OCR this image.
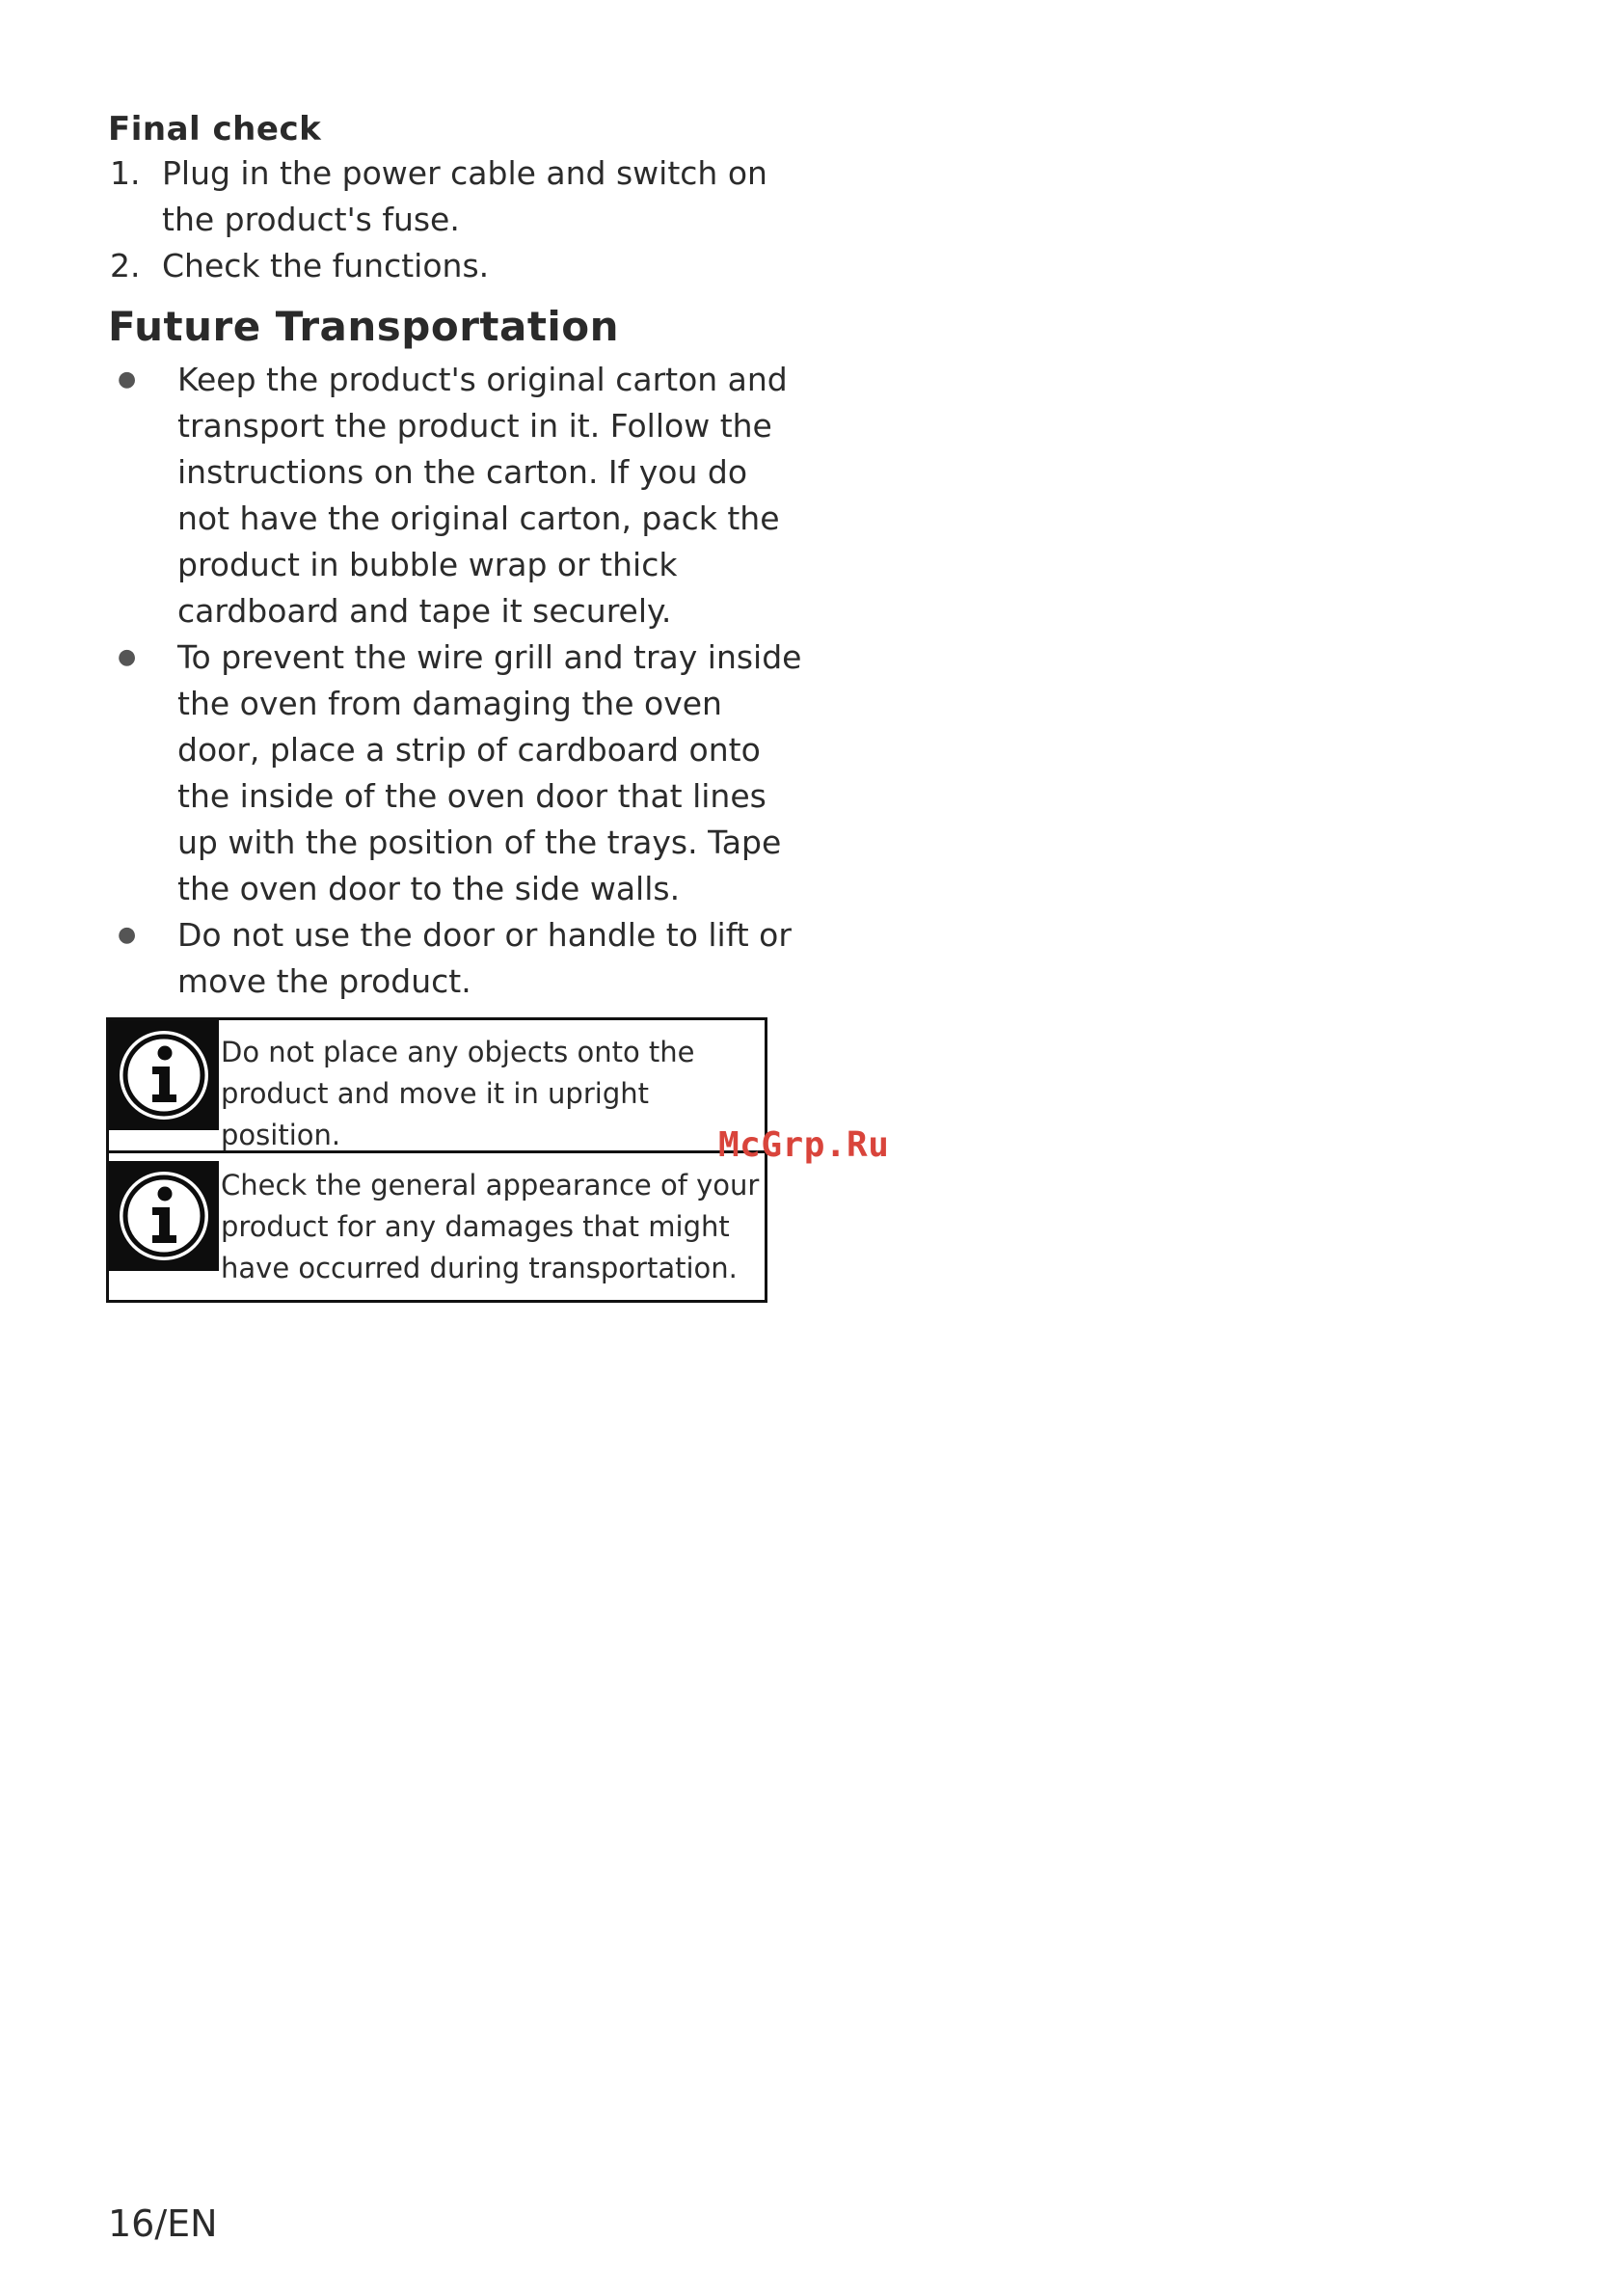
Final check
1. Plug in the power cable and switch on the product's fuse.
2. Check the functions.
Future Transportation
● Keep the product's original carton and transport the product in it. Follow the instructions on the carton. If you do not have the original carton, pack the product in bubble wrap or thick cardboard and tape it securely.
● To prevent the wire grill and tray inside the oven from damaging the oven door, place a strip of cardboard onto the inside of the oven door that lines up with the position of the trays. Tape the oven door to the side walls.
● Do not use the door or handle to lift or move the product.
Do not place any objects onto the product and move it in upright position.
Check the general appearance of your product for any damages that might have occurred during transportation.
McGrp.Ru
16/EN
